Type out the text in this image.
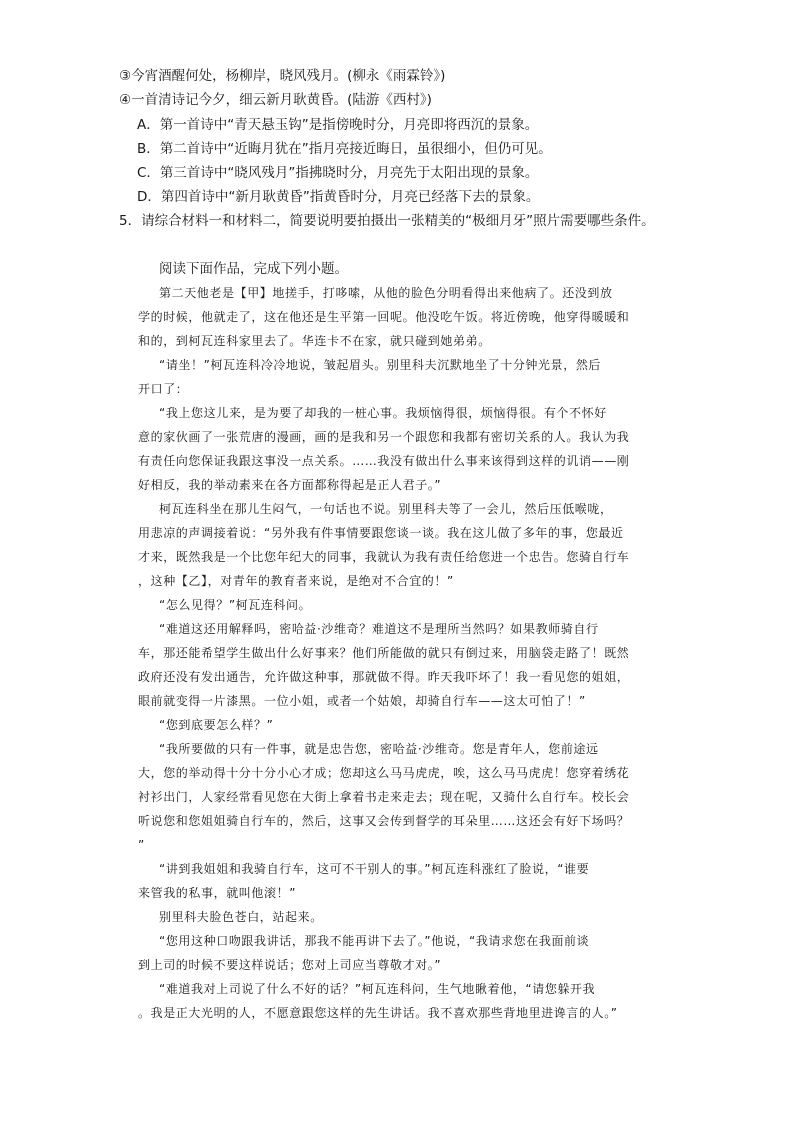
③今宵酒醒何处，杨柳岸，晓风残月。(柳永《雨霖铃》)
④一首清诗记今夕，细云新月耿黄昏。(陆游《西村》)
A．第一首诗中“青天悬玉钩”是指傍晚时分，月亮即将西沉的景象。
B．第二首诗中“近晦月犹在”指月亮接近晦日，虽很细小，但仍可见。
C．第三首诗中“晓风残月”指拂晓时分，月亮先于太阳出现的景象。
D．第四首诗中“新月耿黄昏”指黄昏时分，月亮已经落下去的景象。
5．请综合材料一和材料二，简要说明要拍摄出一张精美的“极细月牙”照片需要哪些条件。
阅读下面作品，完成下列小题。
第二天他老是【甲】地搓手，打哆嗦，从他的脸色分明看得出来他病了。还没到放
学的时候，他就走了，这在他还是生平第一回呢。他没吃午饭。将近傍晚，他穿得暖暖和
和的，到柯瓦连科家里去了。华连卡不在家，就只碰到她弟弟。
“请坐！”柯瓦连科冷冷地说，皱起眉头。别里科夫沉默地坐了十分钟光景，然后
开口了：
“我上您这儿来，是为要了却我的一桩心事。我烦恼得很，烦恼得很。有个不怀好
意的家伙画了一张荒唐的漫画，画的是我和另一个跟您和我都有密切关系的人。我认为我
有责任向您保证我跟这事没一点关系。……我没有做出什么事来该得到这样的讥诮——刚
好相反，我的举动素来在各方面都称得起是正人君子。”
柯瓦连科坐在那儿生闷气，一句话也不说。别里科夫等了一会儿，然后压低喉咙，
用悲凉的声调接着说：“另外我有件事情要跟您谈一谈。我在这儿做了多年的事，您最近
才来，既然我是一个比您年纪大的同事，我就认为我有责任给您进一个忠告。您骑自行车
，这种【乙】，对青年的教育者来说，是绝对不合宜的！”
“怎么见得？”柯瓦连科问。
“难道这还用解释吗，密哈益·沙维奇？难道这不是理所当然吗？如果教师骑自行
车，那还能希望学生做出什么好事来？他们所能做的就只有倒过来，用脑袋走路了！既然
政府还没有发出通告，允许做这种事，那就做不得。昨天我吓坏了！我一看见您的姐姐，
眼前就变得一片漆黑。一位小姐，或者一个姑娘，却骑自行车——这太可怕了！”
“您到底要怎么样？”
“我所要做的只有一件事，就是忠告您，密哈益·沙维奇。您是青年人，您前途远
大，您的举动得十分十分小心才成；您却这么马马虎虎，唉，这么马马虎虎！您穿着绣花
衬衫出门，人家经常看见您在大街上拿着书走来走去；现在呢，又骑什么自行车。校长会
听说您和您姐姐骑自行车的，然后，这事又会传到督学的耳朵里……这还会有好下场吗？
”
“讲到我姐姐和我骑自行车，这可不干别人的事。”柯瓦连科涨红了脸说，“谁要
来管我的私事，就叫他滚！”
别里科夫脸色苍白，站起来。
“您用这种口吻跟我讲话，那我不能再讲下去了。”他说，“我请求您在我面前谈
到上司的时候不要这样说话；您对上司应当尊敬才对。”
“难道我对上司说了什么不好的话？”柯瓦连科问，生气地瞅着他，“请您躲开我
。我是正大光明的人，不愿意跟您这样的先生讲话。我不喜欢那些背地里进谗言的人。”
